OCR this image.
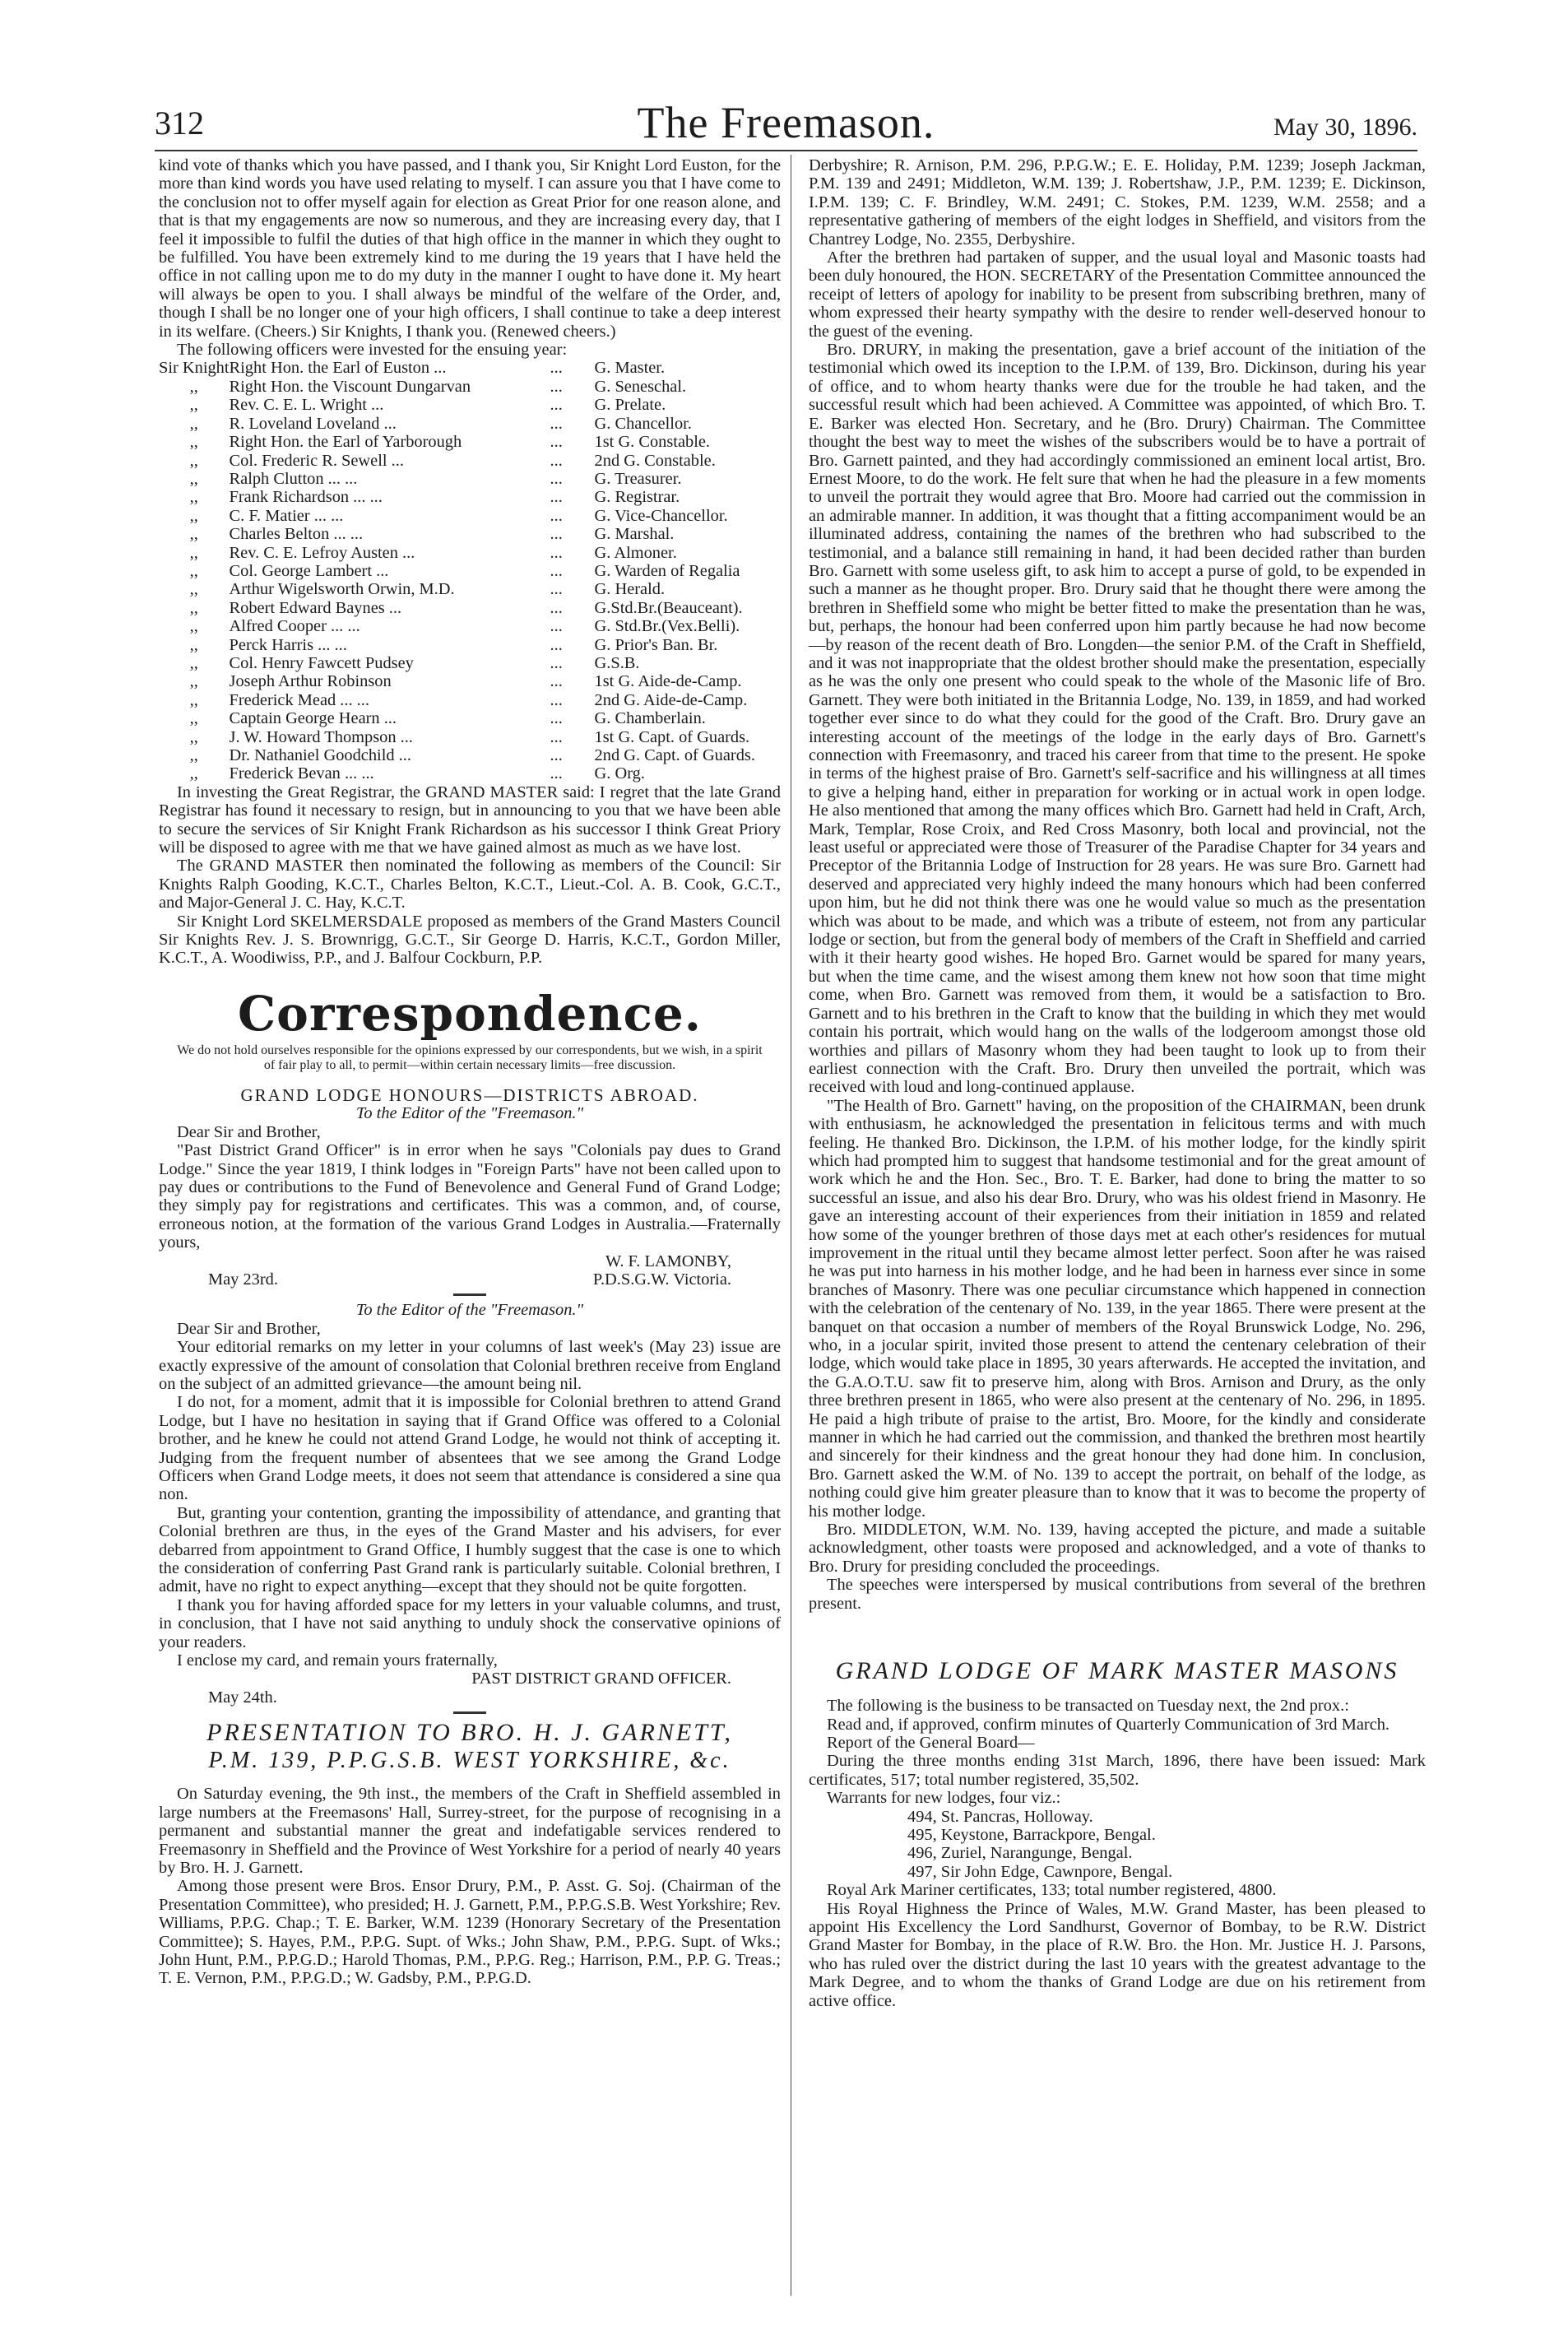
312	The Freemason.	May 30, 1896.

kind vote of thanks which you have passed, and I thank you, Sir Knight Lord Euston, for the more than kind words you have used relating to myself. I can assure you that I have come to the conclusion not to offer myself again for election as Great Prior for one reason alone, and that is that my engagements are now so numerous, and they are increasing every day, that I feel it impossible to fulfil the duties of that high office in the manner in which they ought to be fulfilled. You have been extremely kind to me during the 19 years that I have held the office in not calling upon me to do my duty in the manner I ought to have done it. My heart will always be open to you. I shall always be mindful of the welfare of the Order, and, though I shall be no longer one of your high officers, I shall continue to take a deep interest in its welfare. (Cheers.) Sir Knights, I thank you. (Renewed cheers.)

The following officers were invested for the ensuing year:

Sir Knight	Right Hon. the Earl of Euston ...	...	G. Master.
,,	Right Hon. the Viscount Dungarvan	...	G. Seneschal.
,,	Rev. C. E. L. Wright ...	...	G. Prelate.
,,	R. Loveland Loveland ...	...	G. Chancellor.
,,	Right Hon. the Earl of Yarborough	...	1st G. Constable.
,,	Col. Frederic R. Sewell ...	...	2nd G. Constable.
,,	Ralph Clutton ... ...	...	G. Treasurer.
,,	Frank Richardson ... ...	...	G. Registrar.
,,	C. F. Matier ... ...	...	G. Vice-Chancellor.
,,	Charles Belton ... ...	...	G. Marshal.
,,	Rev. C. E. Lefroy Austen ...	...	G. Almoner.
,,	Col. George Lambert ...	...	G. Warden of Regalia
,,	Arthur Wigelsworth Orwin, M.D.	...	G. Herald.
,,	Robert Edward Baynes ...	...	G.Std.Br.(Beauceant).
,,	Alfred Cooper ... ...	...	G. Std.Br.(Vex.Belli).
,,	Perck Harris ... ...	...	G. Prior's Ban. Br.
,,	Col. Henry Fawcett Pudsey	...	G.S.B.
,,	Joseph Arthur Robinson	...	1st G. Aide-de-Camp.
,,	Frederick Mead ... ...	...	2nd G. Aide-de-Camp.
,,	Captain George Hearn ...	...	G. Chamberlain.
,,	J. W. Howard Thompson ...	...	1st G. Capt. of Guards.
,,	Dr. Nathaniel Goodchild ...	...	2nd G. Capt. of Guards.
,,	Frederick Bevan ... ...	...	G. Org.

In investing the Great Registrar, the GRAND MASTER said: I regret that the late Grand Registrar has found it necessary to resign, but in announcing to you that we have been able to secure the services of Sir Knight Frank Richardson as his successor I think Great Priory will be disposed to agree with me that we have gained almost as much as we have lost.

The GRAND MASTER then nominated the following as members of the Council: Sir Knights Ralph Gooding, K.C.T., Charles Belton, K.C.T., Lieut.-Col. A. B. Cook, G.C.T., and Major-General J. C. Hay, K.C.T.

Sir Knight Lord SKELMERSDALE proposed as members of the Grand Masters Council Sir Knights Rev. J. S. Brownrigg, G.C.T., Sir George D. Harris, K.C.T., Gordon Miller, K.C.T., A. Woodiwiss, P.P., and J. Balfour Cockburn, P.P.

Correspondence.
We do not hold ourselves responsible for the opinions expressed by our correspondents, but we wish, in a spirit of fair play to all, to permit—within certain necessary limits—free discussion.
GRAND LODGE HONOURS—DISTRICTS ABROAD.
To the Editor of the "Freemason."

Dear Sir and Brother,

"Past District Grand Officer" is in error when he says "Colonials pay dues to Grand Lodge." Since the year 1819, I think lodges in "Foreign Parts" have not been called upon to pay dues or contributions to the Fund of Benevolence and General Fund of Grand Lodge; they simply pay for registrations and certificates. This was a common, and, of course, erroneous notion, at the formation of the various Grand Lodges in Australia.—Fraternally yours,

W. F. LAMONBY,
May 23rd.	P.D.S.G.W. Victoria.
To the Editor of the "Freemason."

Dear Sir and Brother,

Your editorial remarks on my letter in your columns of last week's (May 23) issue are exactly expressive of the amount of consolation that Colonial brethren receive from England on the subject of an admitted grievance—the amount being nil.

I do not, for a moment, admit that it is impossible for Colonial brethren to attend Grand Lodge, but I have no hesitation in saying that if Grand Office was offered to a Colonial brother, and he knew he could not attend Grand Lodge, he would not think of accepting it. Judging from the frequent number of absentees that we see among the Grand Lodge Officers when Grand Lodge meets, it does not seem that attendance is considered a sine qua non.

But, granting your contention, granting the impossibility of attendance, and granting that Colonial brethren are thus, in the eyes of the Grand Master and his advisers, for ever debarred from appointment to Grand Office, I humbly suggest that the case is one to which the consideration of conferring Past Grand rank is particularly suitable. Colonial brethren, I admit, have no right to expect anything—except that they should not be quite forgotten.

I thank you for having afforded space for my letters in your valuable columns, and trust, in conclusion, that I have not said anything to unduly shock the conservative opinions of your readers.

I enclose my card, and remain yours fraternally,

PAST DISTRICT GRAND OFFICER.
May 24th.
PRESENTATION TO BRO. H. J. GARNETT,
P.M. 139, P.P.G.S.B. WEST YORKSHIRE, &c.

On Saturday evening, the 9th inst., the members of the Craft in Sheffield assembled in large numbers at the Freemasons' Hall, Surrey-street, for the purpose of recognising in a permanent and substantial manner the great and indefatigable services rendered to Freemasonry in Sheffield and the Province of West Yorkshire for a period of nearly 40 years by Bro. H. J. Garnett.

Among those present were Bros. Ensor Drury, P.M., P. Asst. G. Soj. (Chairman of the Presentation Committee), who presided; H. J. Garnett, P.M., P.P.G.S.B. West Yorkshire; Rev. Williams, P.P.G. Chap.; T. E. Barker, W.M. 1239 (Honorary Secretary of the Presentation Committee); S. Hayes, P.M., P.P.G. Supt. of Wks.; John Shaw, P.M., P.P.G. Supt. of Wks.; John Hunt, P.M., P.P.G.D.; Harold Thomas, P.M., P.P.G. Reg.; Harrison, P.M., P.P. G. Treas.; T. E. Vernon, P.M., P.P.G.D.; W. Gadsby, P.M., P.P.G.D.

Derbyshire; R. Arnison, P.M. 296, P.P.G.W.; E. E. Holiday, P.M. 1239; Joseph Jackman, P.M. 139 and 2491; Middleton, W.M. 139; J. Robertshaw, J.P., P.M. 1239; E. Dickinson, I.P.M. 139; C. F. Brindley, W.M. 2491; C. Stokes, P.M. 1239, W.M. 2558; and a representative gathering of members of the eight lodges in Sheffield, and visitors from the Chantrey Lodge, No. 2355, Derbyshire.

After the brethren had partaken of supper, and the usual loyal and Masonic toasts had been duly honoured, the HON. SECRETARY of the Presentation Committee announced the receipt of letters of apology for inability to be present from subscribing brethren, many of whom expressed their hearty sympathy with the desire to render well-deserved honour to the guest of the evening.

Bro. DRURY, in making the presentation, gave a brief account of the initiation of the testimonial which owed its inception to the I.P.M. of 139, Bro. Dickinson, during his year of office, and to whom hearty thanks were due for the trouble he had taken, and the successful result which had been achieved. A Committee was appointed, of which Bro. T. E. Barker was elected Hon. Secretary, and he (Bro. Drury) Chairman. The Committee thought the best way to meet the wishes of the subscribers would be to have a portrait of Bro. Garnett painted, and they had accordingly commissioned an eminent local artist, Bro. Ernest Moore, to do the work. He felt sure that when he had the pleasure in a few moments to unveil the portrait they would agree that Bro. Moore had carried out the commission in an admirable manner. In addition, it was thought that a fitting accompaniment would be an illuminated address, containing the names of the brethren who had subscribed to the testimonial, and a balance still remaining in hand, it had been decided rather than burden Bro. Garnett with some useless gift, to ask him to accept a purse of gold, to be expended in such a manner as he thought proper. Bro. Drury said that he thought there were among the brethren in Sheffield some who might be better fitted to make the presentation than he was, but, perhaps, the honour had been conferred upon him partly because he had now become—by reason of the recent death of Bro. Longden—the senior P.M. of the Craft in Sheffield, and it was not inappropriate that the oldest brother should make the presentation, especially as he was the only one present who could speak to the whole of the Masonic life of Bro. Garnett. They were both initiated in the Britannia Lodge, No. 139, in 1859, and had worked together ever since to do what they could for the good of the Craft. Bro. Drury gave an interesting account of the meetings of the lodge in the early days of Bro. Garnett's connection with Freemasonry, and traced his career from that time to the present. He spoke in terms of the highest praise of Bro. Garnett's self-sacrifice and his willingness at all times to give a helping hand, either in preparation for working or in actual work in open lodge. He also mentioned that among the many offices which Bro. Garnett had held in Craft, Arch, Mark, Templar, Rose Croix, and Red Cross Masonry, both local and provincial, not the least useful or appreciated were those of Treasurer of the Paradise Chapter for 34 years and Preceptor of the Britannia Lodge of Instruction for 28 years. He was sure Bro. Garnett had deserved and appreciated very highly indeed the many honours which had been conferred upon him, but he did not think there was one he would value so much as the presentation which was about to be made, and which was a tribute of esteem, not from any particular lodge or section, but from the general body of members of the Craft in Sheffield and carried with it their hearty good wishes. He hoped Bro. Garnet would be spared for many years, but when the time came, and the wisest among them knew not how soon that time might come, when Bro. Garnett was removed from them, it would be a satisfaction to Bro. Garnett and to his brethren in the Craft to know that the building in which they met would contain his portrait, which would hang on the walls of the lodgeroom amongst those old worthies and pillars of Masonry whom they had been taught to look up to from their earliest connection with the Craft. Bro. Drury then unveiled the portrait, which was received with loud and long-continued applause.

"The Health of Bro. Garnett" having, on the proposition of the CHAIRMAN, been drunk with enthusiasm, he acknowledged the presentation in felicitous terms and with much feeling. He thanked Bro. Dickinson, the I.P.M. of his mother lodge, for the kindly spirit which had prompted him to suggest that handsome testimonial and for the great amount of work which he and the Hon. Sec., Bro. T. E. Barker, had done to bring the matter to so successful an issue, and also his dear Bro. Drury, who was his oldest friend in Masonry. He gave an interesting account of their experiences from their initiation in 1859 and related how some of the younger brethren of those days met at each other's residences for mutual improvement in the ritual until they became almost letter perfect. Soon after he was raised he was put into harness in his mother lodge, and he had been in harness ever since in some branches of Masonry. There was one peculiar circumstance which happened in connection with the celebration of the centenary of No. 139, in the year 1865. There were present at the banquet on that occasion a number of members of the Royal Brunswick Lodge, No. 296, who, in a jocular spirit, invited those present to attend the centenary celebration of their lodge, which would take place in 1895, 30 years afterwards. He accepted the invitation, and the G.A.O.T.U. saw fit to preserve him, along with Bros. Arnison and Drury, as the only three brethren present in 1865, who were also present at the centenary of No. 296, in 1895. He paid a high tribute of praise to the artist, Bro. Moore, for the kindly and considerate manner in which he had carried out the commission, and thanked the brethren most heartily and sincerely for their kindness and the great honour they had done him. In conclusion, Bro. Garnett asked the W.M. of No. 139 to accept the portrait, on behalf of the lodge, as nothing could give him greater pleasure than to know that it was to become the property of his mother lodge.

Bro. MIDDLETON, W.M. No. 139, having accepted the picture, and made a suitable acknowledgment, other toasts were proposed and acknowledged, and a vote of thanks to Bro. Drury for presiding concluded the proceedings.

The speeches were interspersed by musical contributions from several of the brethren present.

GRAND LODGE OF MARK MASTER MASONS

The following is the business to be transacted on Tuesday next, the 2nd prox.:

Read and, if approved, confirm minutes of Quarterly Communication of 3rd March.

Report of the General Board—

During the three months ending 31st March, 1896, there have been issued: Mark certificates, 517; total number registered, 35,502.

Warrants for new lodges, four viz.:

494, St. Pancras, Holloway.
495, Keystone, Barrackpore, Bengal.
496, Zuriel, Narangunge, Bengal.
497, Sir John Edge, Cawnpore, Bengal.

Royal Ark Mariner certificates, 133; total number registered, 4800.

His Royal Highness the Prince of Wales, M.W. Grand Master, has been pleased to appoint His Excellency the Lord Sandhurst, Governor of Bombay, to be R.W. District Grand Master for Bombay, in the place of R.W. Bro. the Hon. Mr. Justice H. J. Parsons, who has ruled over the district during the last 10 years with the greatest advantage to the Mark Degree, and to whom the thanks of Grand Lodge are due on his retirement from active office.
